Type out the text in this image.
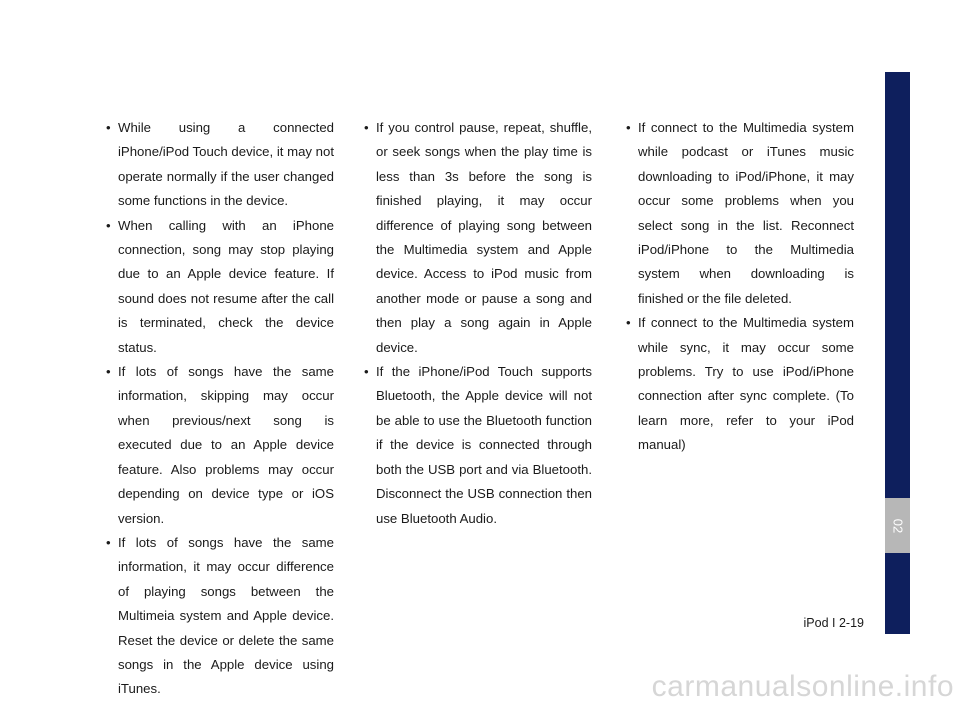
• While using a connected iPhone/iPod Touch device, it may not operate normally if the user changed some functions in the device.
• When calling with an iPhone connection, song may stop playing due to an Apple device feature. If sound does not resume after the call is terminated, check the device status.
• If lots of songs have the same information, skipping may occur when previous/next song is executed due to an Apple device feature. Also problems may occur depending on device type or iOS version.
• If lots of songs have the same information, it may occur difference of playing songs between the Multimeia system and Apple device. Reset the device or delete the same songs in the Apple device using iTunes.
• If you control pause, repeat, shuffle, or seek songs when the play time is less than 3s before the song is finished playing, it may occur difference of playing song between the Multimedia system and Apple device. Access to iPod music from another mode or pause a song and then play a song again in Apple device.
• If the iPhone/iPod Touch supports Bluetooth, the Apple device will not be able to use the Bluetooth function if the device is connected through both the USB port and via Bluetooth. Disconnect the USB connection then use Bluetooth Audio.
• If connect to the Multimedia system while podcast or iTunes music downloading to iPod/iPhone, it may occur some problems when you select song in the list. Reconnect iPod/iPhone to the Multimedia system when downloading is finished or the file deleted.
• If connect to the Multimedia system while sync, it may occur some problems. Try to use iPod/iPhone connection after sync complete. (To learn more, refer to your iPod manual)
02
iPod I 2-19
carmanualsonline.info
